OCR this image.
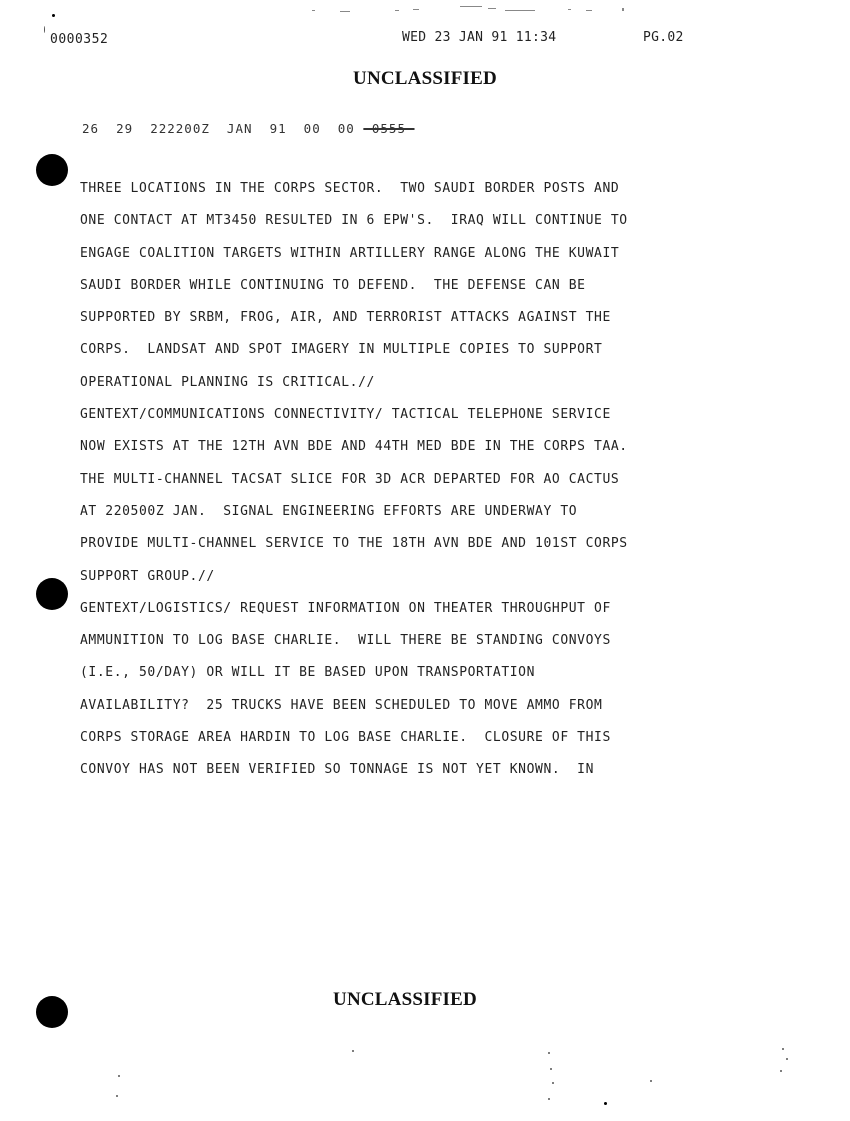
0000352	WED 23 JAN 91 11:34	PG.02
UNCLASSIFIED
26  29  222200Z  JAN  91  00  00 -0555-
THREE LOCATIONS IN THE CORPS SECTOR.  TWO SAUDI BORDER POSTS AND
ONE CONTACT AT MT3450 RESULTED IN 6 EPW'S.  IRAQ WILL CONTINUE TO
ENGAGE COALITION TARGETS WITHIN ARTILLERY RANGE ALONG THE KUWAIT
SAUDI BORDER WHILE CONTINUING TO DEFEND.  THE DEFENSE CAN BE
SUPPORTED BY SRBM, FROG, AIR, AND TERRORIST ATTACKS AGAINST THE
CORPS.  LANDSAT AND SPOT IMAGERY IN MULTIPLE COPIES TO SUPPORT
OPERATIONAL PLANNING IS CRITICAL.//
GENTEXT/COMMUNICATIONS CONNECTIVITY/ TACTICAL TELEPHONE SERVICE
NOW EXISTS AT THE 12TH AVN BDE AND 44TH MED BDE IN THE CORPS TAA.
THE MULTI-CHANNEL TACSAT SLICE FOR 3D ACR DEPARTED FOR AO CACTUS
AT 220500Z JAN.  SIGNAL ENGINEERING EFFORTS ARE UNDERWAY TO
PROVIDE MULTI-CHANNEL SERVICE TO THE 18TH AVN BDE AND 101ST CORPS
SUPPORT GROUP.//
GENTEXT/LOGISTICS/ REQUEST INFORMATION ON THEATER THROUGHPUT OF
AMMUNITION TO LOG BASE CHARLIE.  WILL THERE BE STANDING CONVOYS
(I.E., 50/DAY) OR WILL IT BE BASED UPON TRANSPORTATION
AVAILABILITY?  25 TRUCKS HAVE BEEN SCHEDULED TO MOVE AMMO FROM
CORPS STORAGE AREA HARDIN TO LOG BASE CHARLIE.  CLOSURE OF THIS
CONVOY HAS NOT BEEN VERIFIED SO TONNAGE IS NOT YET KNOWN.  IN
UNCLASSIFIED
